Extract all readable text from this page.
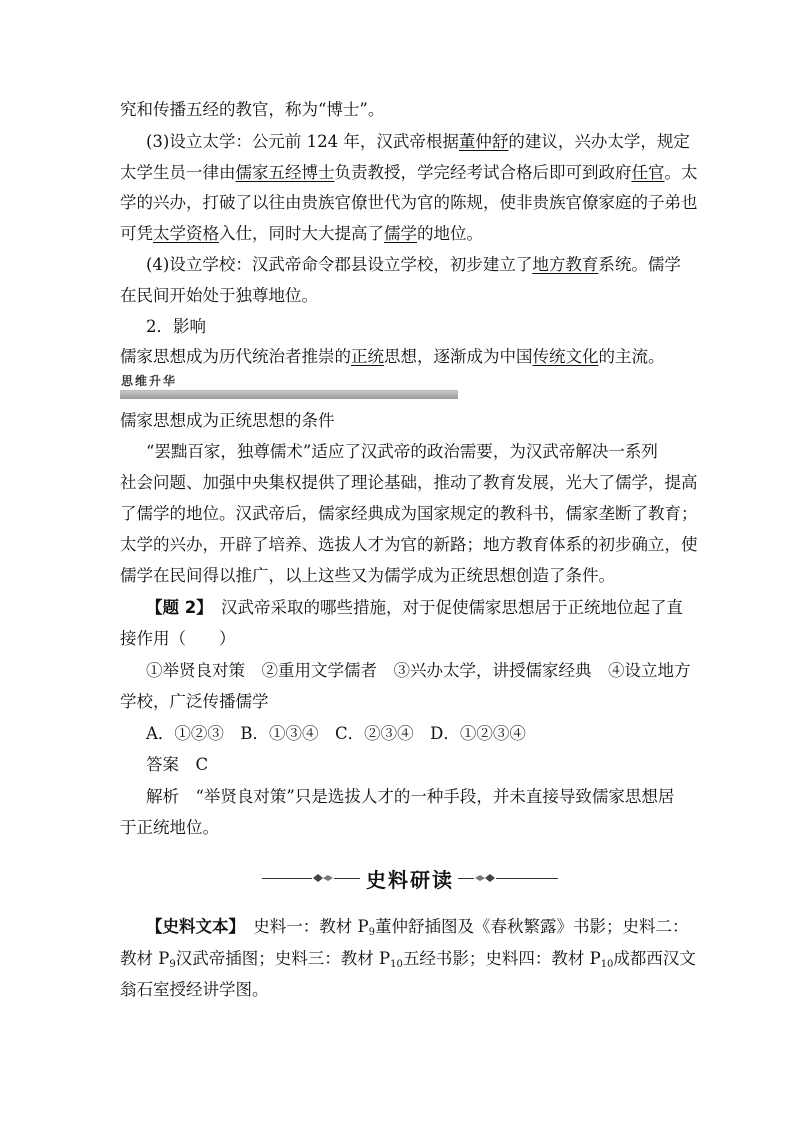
究和传播五经的教官，称为“博士”。
(3)设立太学：公元前 124 年，汉武帝根据董仲舒的建议，兴办太学，规定
太学生员一律由儒家五经博士负责教授，学完经考试合格后即可到政府任官。太
学的兴办，打破了以往由贵族官僚世代为官的陈规，使非贵族官僚家庭的子弟也
可凭太学资格入仕，同时大大提高了儒学的地位。
(4)设立学校：汉武帝命令郡县设立学校，初步建立了地方教育系统。儒学
在民间开始处于独尊地位。
2．影响
儒家思想成为历代统治者推崇的正统思想，逐渐成为中国传统文化的主流。
思维升华
儒家思想成为正统思想的条件
“罢黜百家，独尊儒术”适应了汉武帝的政治需要，为汉武帝解决一系列
社会问题、加强中央集权提供了理论基础，推动了教育发展，光大了儒学，提高
了儒学的地位。汉武帝后，儒家经典成为国家规定的教科书，儒家垄断了教育；
太学的兴办，开辟了培养、选拔人才为官的新路；地方教育体系的初步确立，使
儒学在民间得以推广，以上这些又为儒学成为正统思想创造了条件。
【题 2】　 汉武帝采取的哪些措施，对于促使儒家思想居于正统地位起了直
接作用（　　）
①举贤良对策　②重用文学儒者　③兴办太学，讲授儒家经典　④设立地方
学校，广泛传播儒学
A．①②③　B．①③④　C．②③④　D．①②③④
答案　C
解析　“举贤良对策”只是选拔人才的一种手段，并未直接导致儒家思想居
于正统地位。
史料研读
【史料文本】　 史料一：教材 $P_9$董仲舒插图及《春秋繁露》书影；史料二：
教材 $P_9$汉武帝插图；史料三：教材 $P_{10}$五经书影；史料四：教材 $P_{10}$成都西汉文
翁石室授经讲学图。
